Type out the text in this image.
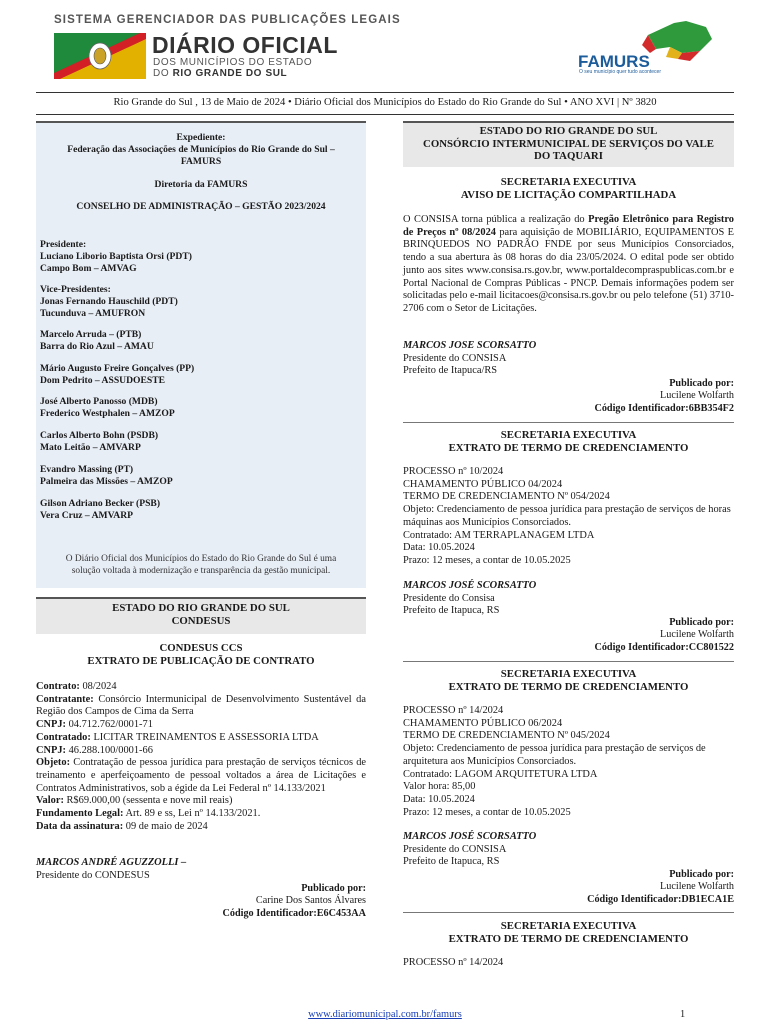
SISTEMA GERENCIADOR DAS PUBLICAÇÕES LEGAIS
DIÁRIO OFICIAL
DOS MUNICÍPIOS DO ESTADO
DO RIO GRANDE DO SUL
FAMURS
O seu município quer tudo acontecer
Rio Grande do Sul , 13 de Maio de 2024 • Diário Oficial dos Municípios do Estado do Rio Grande do Sul • ANO XVI | Nº 3820
Expediente:
Federação das Associações de Municípios do Rio Grande do Sul –
FAMURS
Diretoria da FAMURS
CONSELHO DE ADMINISTRAÇÃO – GESTÃO 2023/2024
Presidente:
Luciano Liborio Baptista Orsi (PDT)
Campo Bom – AMVAG
Vice-Presidentes:
Jonas Fernando Hauschild (PDT)
Tucunduva – AMUFRON
Marcelo Arruda – (PTB)
Barra do Rio Azul – AMAU
Mário Augusto Freire Gonçalves (PP)
Dom Pedrito – ASSUDOESTE
José Alberto Panosso (MDB)
Frederico Westphalen – AMZOP
Carlos Alberto Bohn (PSDB)
Mato Leitão – AMVARP
Evandro Massing (PT)
Palmeira das Missões – AMZOP
Gilson Adriano Becker (PSB)
Vera Cruz – AMVARP
O Diário Oficial dos Municípios do Estado do Rio Grande do Sul é uma
solução voltada à modernização e transparência da gestão municipal.
ESTADO DO RIO GRANDE DO SUL
CONDESUS
CONDESUS CCS
EXTRATO DE PUBLICAÇÃO DE CONTRATO
Contrato: 08/2024
Contratante: Consórcio Intermunicipal de Desenvolvimento Sustentável da Região dos Campos de Cima da Serra
CNPJ: 04.712.762/0001-71
Contratado: LICITAR TREINAMENTOS E ASSESSORIA LTDA
CNPJ: 46.288.100/0001-66
Objeto: Contratação de pessoa jurídica para prestação de serviços técnicos de treinamento e aperfeiçoamento de pessoal voltados a área de Licitações e Contratos Administrativos, sob a égide da Lei Federal nº 14.133/2021
Valor: R$69.000,00 (sessenta e nove mil reais)
Fundamento Legal: Art. 89 e ss, Lei nº 14.133/2021.
Data da assinatura: 09 de maio de 2024
MARCOS ANDRÉ AGUZZOLLI –
Presidente do CONDESUS
Publicado por:
Carine Dos Santos Álvares
Código Identificador:E6C453AA
ESTADO DO RIO GRANDE DO SUL
CONSÓRCIO INTERMUNICIPAL DE SERVIÇOS DO VALE
DO TAQUARI
SECRETARIA EXECUTIVA
AVISO DE LICITAÇÃO COMPARTILHADA
O CONSISA torna pública a realização do Pregão Eletrônico para Registro de Preços nº 08/2024 para aquisição de MOBILIÁRIO, EQUIPAMENTOS E BRINQUEDOS NO PADRÃO FNDE por seus Municípios Consorciados, tendo a sua abertura às 08 horas do dia 23/05/2024. O edital pode ser obtido junto aos sites www.consisa.rs.gov.br, www.portaldecompraspublicas.com.br e Portal Nacional de Compras Públicas - PNCP. Demais informações podem ser solicitadas pelo e-mail licitacoes@consisa.rs.gov.br ou pelo telefone (51) 3710-2706 com o Setor de Licitações.
MARCOS JOSE SCORSATTO
Presidente do CONSISA
Prefeito de Itapuca/RS
Publicado por:
Lucilene Wolfarth
Código Identificador:6BB354F2
SECRETARIA EXECUTIVA
EXTRATO DE TERMO DE CREDENCIAMENTO
PROCESSO nº 10/2024
CHAMAMENTO PÚBLICO 04/2024
TERMO DE CREDENCIAMENTO Nº 054/2024
Objeto: Credenciamento de pessoa jurídica para prestação de serviços de horas máquinas aos Municípios Consorciados.
Contratado: AM TERRAPLANAGEM LTDA
Data: 10.05.2024
Prazo: 12 meses, a contar de 10.05.2025
MARCOS JOSÉ SCORSATTO
Presidente do Consisa
Prefeito de Itapuca, RS
Publicado por:
Lucilene Wolfarth
Código Identificador:CC801522
SECRETARIA EXECUTIVA
EXTRATO DE TERMO DE CREDENCIAMENTO
PROCESSO nº 14/2024
CHAMAMENTO PÚBLICO 06/2024
TERMO DE CREDENCIAMENTO Nº 045/2024
Objeto: Credenciamento de pessoa jurídica para prestação de serviços de arquitetura aos Municípios Consorciados.
Contratado: LAGOM ARQUITETURA LTDA
Valor hora: 85,00
Data: 10.05.2024
Prazo: 12 meses, a contar de 10.05.2025
MARCOS JOSÉ SCORSATTO
Presidente do CONSISA
Prefeito de Itapuca, RS
Publicado por:
Lucilene Wolfarth
Código Identificador:DB1ECA1E
SECRETARIA EXECUTIVA
EXTRATO DE TERMO DE CREDENCIAMENTO
PROCESSO nº 14/2024
www.diariomunicipal.com.br/famurs	1
